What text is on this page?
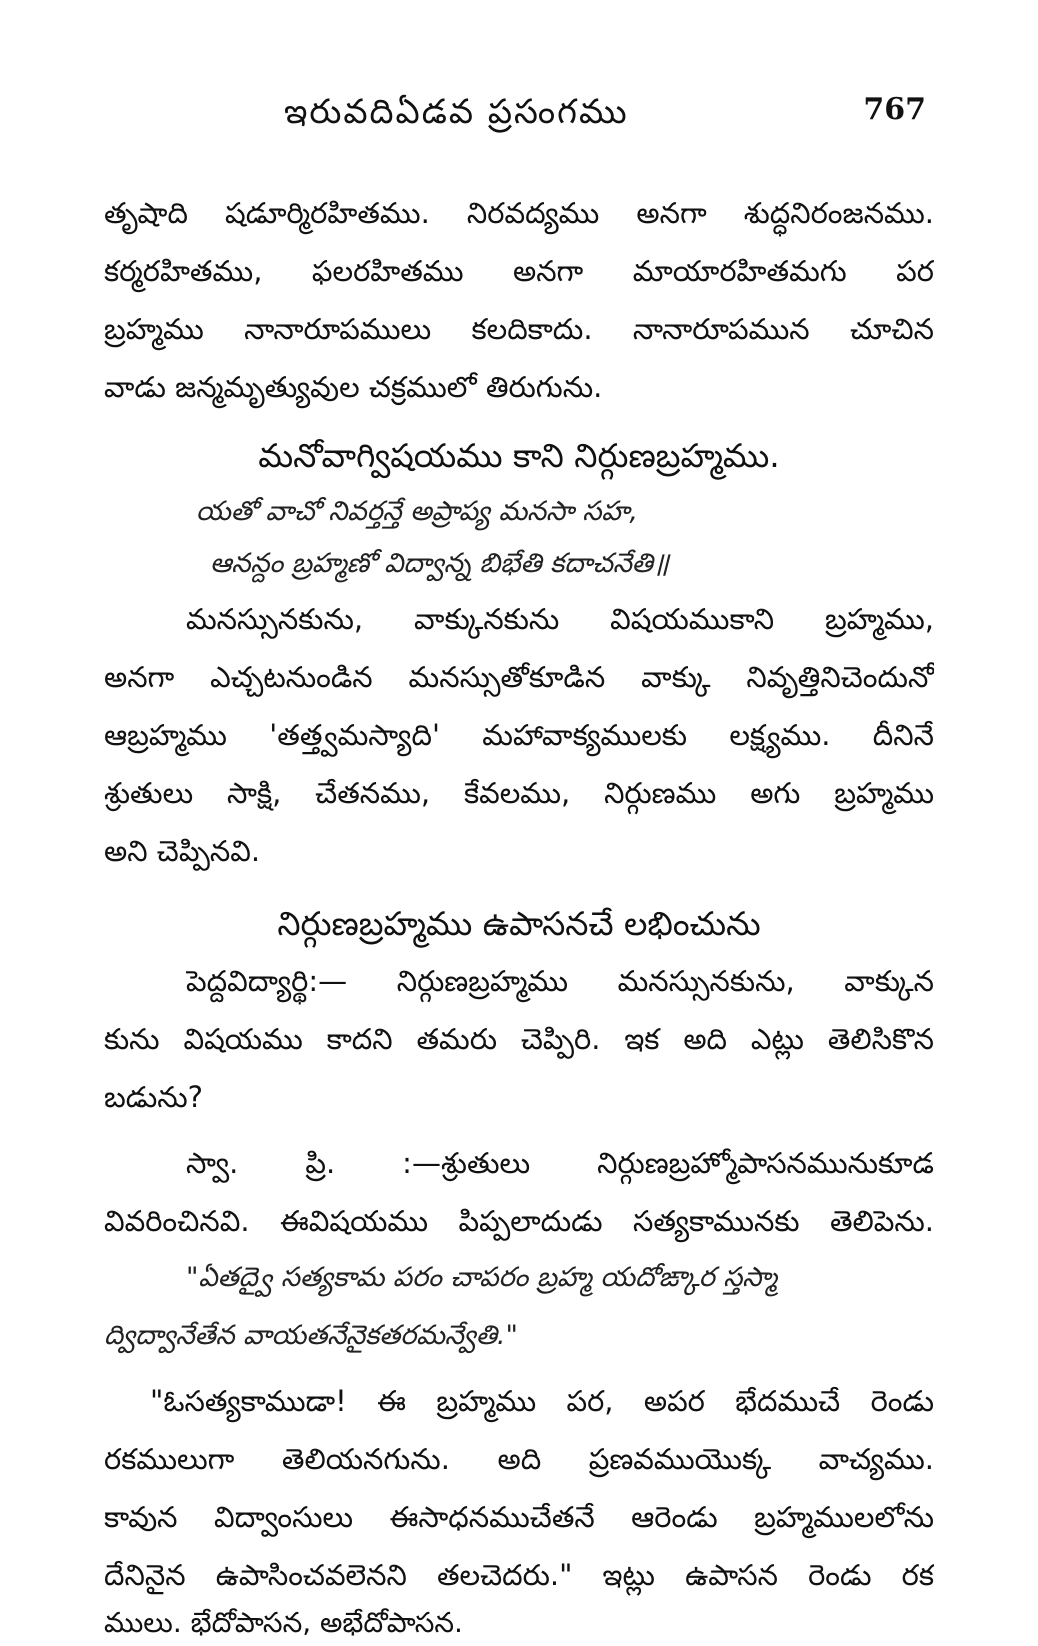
ఇరువదిఏడవ ప్రసంగము	767
తృషాది షడూర్మిరహితము. నిరవద్యము అనగా శుద్ధనిరంజనము.
కర్మరహితము, ఫలరహితము అనగా మాయారహితమగు పర
బ్రహ్మము నానారూపములు కలదికాదు. నానారూపమున చూచిన
వాడు జన్మమృత్యువుల చక్రములో తిరుగును.
మనోవాగ్విషయము కాని నిర్గుణబ్రహ్మము.
యతో వాచో నివర్తన్తే అప్రాప్య మనసా సహ,
ఆనన్దం బ్రహ్మణో విద్వాన్న బిభేతి కదాచనేతి॥
మనస్సునకును, వాక్కునకును విషయముకాని బ్రహ్మము,
అనగా ఎచ్చటనుండిన మనస్సుతోకూడిన వాక్కు నివృత్తినిచెందునో
ఆబ్రహ్మము 'తత్త్వమస్యాది' మహావాక్యములకు లక్ష్యము. దీనినే
శ్రుతులు సాక్షి, చేతనము, కేవలము, నిర్గుణము అగు బ్రహ్మము
అని చెప్పినవి.
నిర్గుణబ్రహ్మము ఉపాసనచే లభించును
పెద్దవిద్యార్థి:— నిర్గుణబ్రహ్మము మనస్సునకును, వాక్కున
కును విషయము కాదని తమరు చెప్పిరి. ఇక అది ఎట్లు తెలిసికొన
బడును?
స్వా. ప్రి. :—శ్రుతులు నిర్గుణబ్రహ్మోపాసనమునుకూడ
వివరించినవి. ఈవిషయము పిప్పలాదుడు సత్యకామునకు తెలిపెను.
"ఏతద్వై సత్యకామ పరం చాపరం బ్రహ్మ యదోఙ్కార స్తస్మా
ద్విద్వానేతేన వాయతనేనైకతరమన్వేతి."
"ఓసత్యకాముడా! ఈ బ్రహ్మము పర, అపర భేదముచే రెండు
రకములుగా తెలియనగును. అది ప్రణవముయొక్క వాచ్యము.
కావున విద్వాంసులు ఈసాధనముచేతనే ఆరెండు బ్రహ్మములలోను
దేనినైన ఉపాసించవలెనని తలచెదరు." ఇట్లు ఉపాసన రెండు రక
ములు. భేదోపాసన, అభేదోపాసన.
